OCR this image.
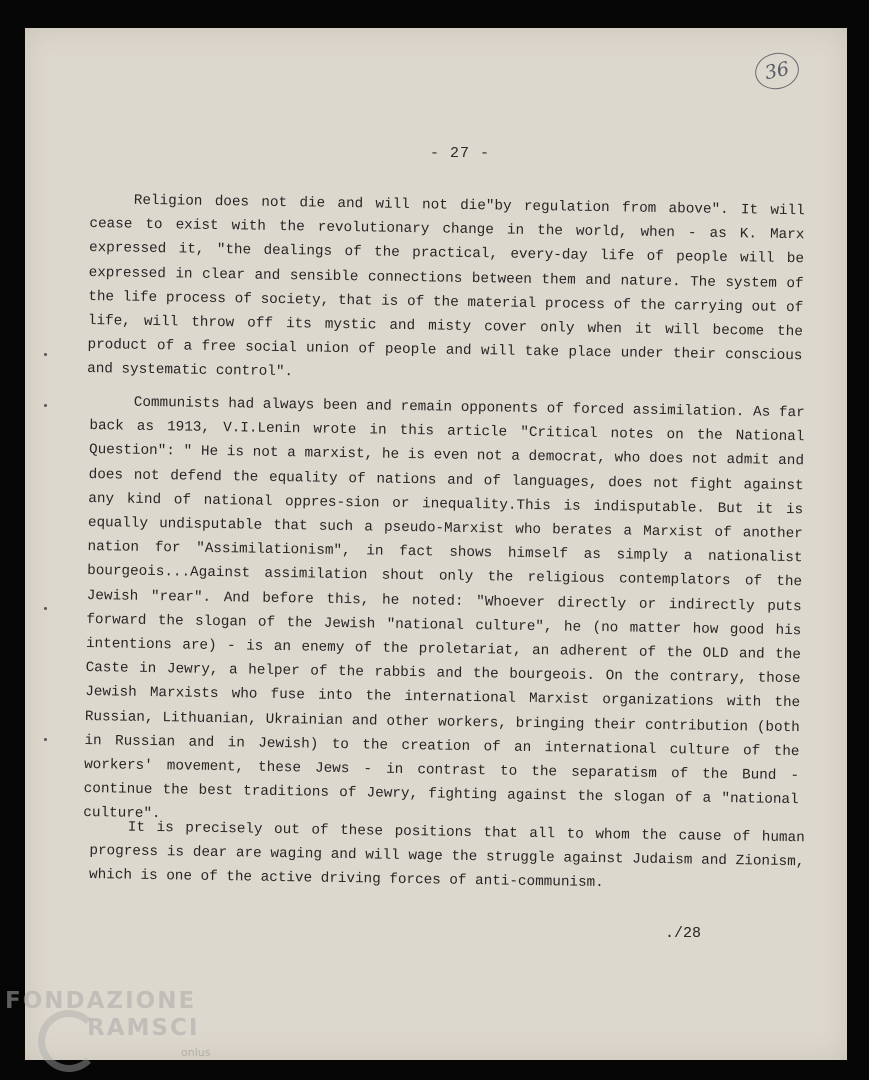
36
- 27 -

Religion does not die and will not die"by regulation from above". It will cease to exist with the revolutionary change in the world, when - as K. Marx expressed it, "the dealings of the practical, every-day life of people will be expressed in clear and sensible connections between them and nature. The system of the life process of society, that is of the material process of the carrying out of life, will throw off its mystic and misty cover only when it will become the product of a free social union of people and will take place under their conscious and systematic control".

Communists had always been and remain opponents of forced assimilation. As far back as 1913, V.I.Lenin wrote in this article "Critical notes on the National Question": " He is not a marxist, he is even not a democrat, who does not admit and does not defend the equality of nations and of languages, does not fight against any kind of national oppres-sion or inequality.This is indisputable. But it is equally undisputable that such a pseudo-Marxist who berates a Marxist of another nation for "Assimilationism", in fact shows himself as simply a nationalist bourgeois...Against assimilation shout only the religious contemplators of the Jewish "rear". And before this, he noted: "Whoever directly or indirectly puts forward the slogan of the Jewish "national culture", he (no matter how good his intentions are) - is an enemy of the proletariat, an adherent of the OLD and the Caste in Jewry, a helper of the rabbis and the bourgeois. On the contrary, those Jewish Marxists who fuse into the international Marxist organizations with the Russian, Lithuanian, Ukrainian and other workers, bringing their contribution (both in Russian and in Jewish) to the creation of an international culture of the workers' movement, these Jews - in contrast to the separatism of the Bund - continue the best traditions of Jewry, fighting against the slogan of a "national culture".

It is precisely out of these positions that all to whom the cause of human progress is dear are waging and will wage the struggle against Judaism and Zionism, which is one of the active driving forces of anti-communism.

./28
FONDAZIONE
RAMSCI
onlus
